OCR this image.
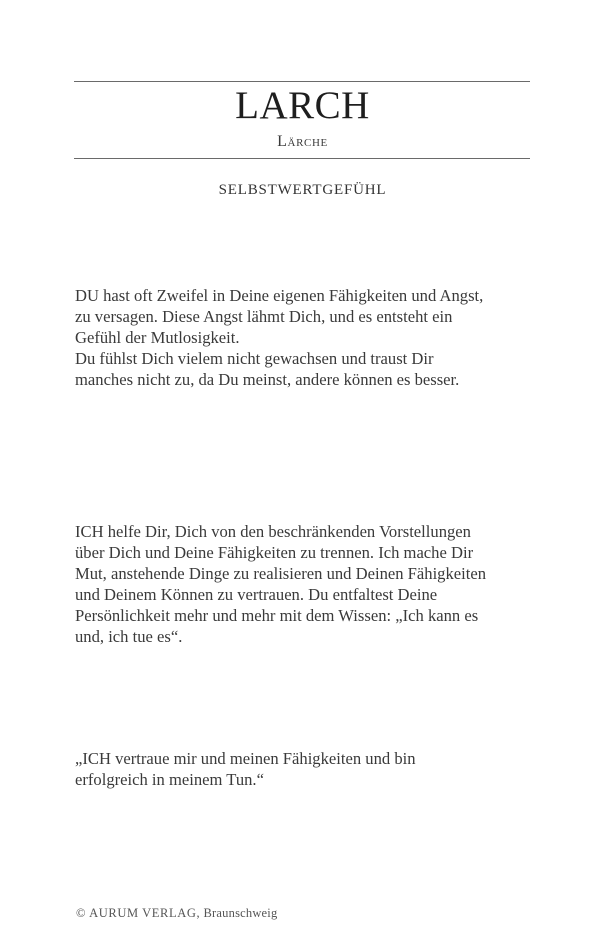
LARCH
Lärche
SELBSTWERTGEFÜHL
DU hast oft Zweifel in Deine eigenen Fähigkeiten und Angst,
zu versagen. Diese Angst lähmt Dich, und es entsteht ein
Gefühl der Mutlosigkeit.
Du fühlst Dich vielem nicht gewachsen und traust Dir
manches nicht zu, da Du meinst, andere können es besser.
ICH helfe Dir, Dich von den beschränkenden Vorstellungen
über Dich und Deine Fähigkeiten zu trennen. Ich mache Dir
Mut, anstehende Dinge zu realisieren und Deinen Fähigkeiten
und Deinem Können zu vertrauen. Du entfaltest Deine
Persönlichkeit mehr und mehr mit dem Wissen: „Ich kann es
und, ich tue es“.
„ICH vertraue mir und meinen Fähigkeiten und bin
erfolgreich in meinem Tun.“
© AURUM VERLAG, Braunschweig
